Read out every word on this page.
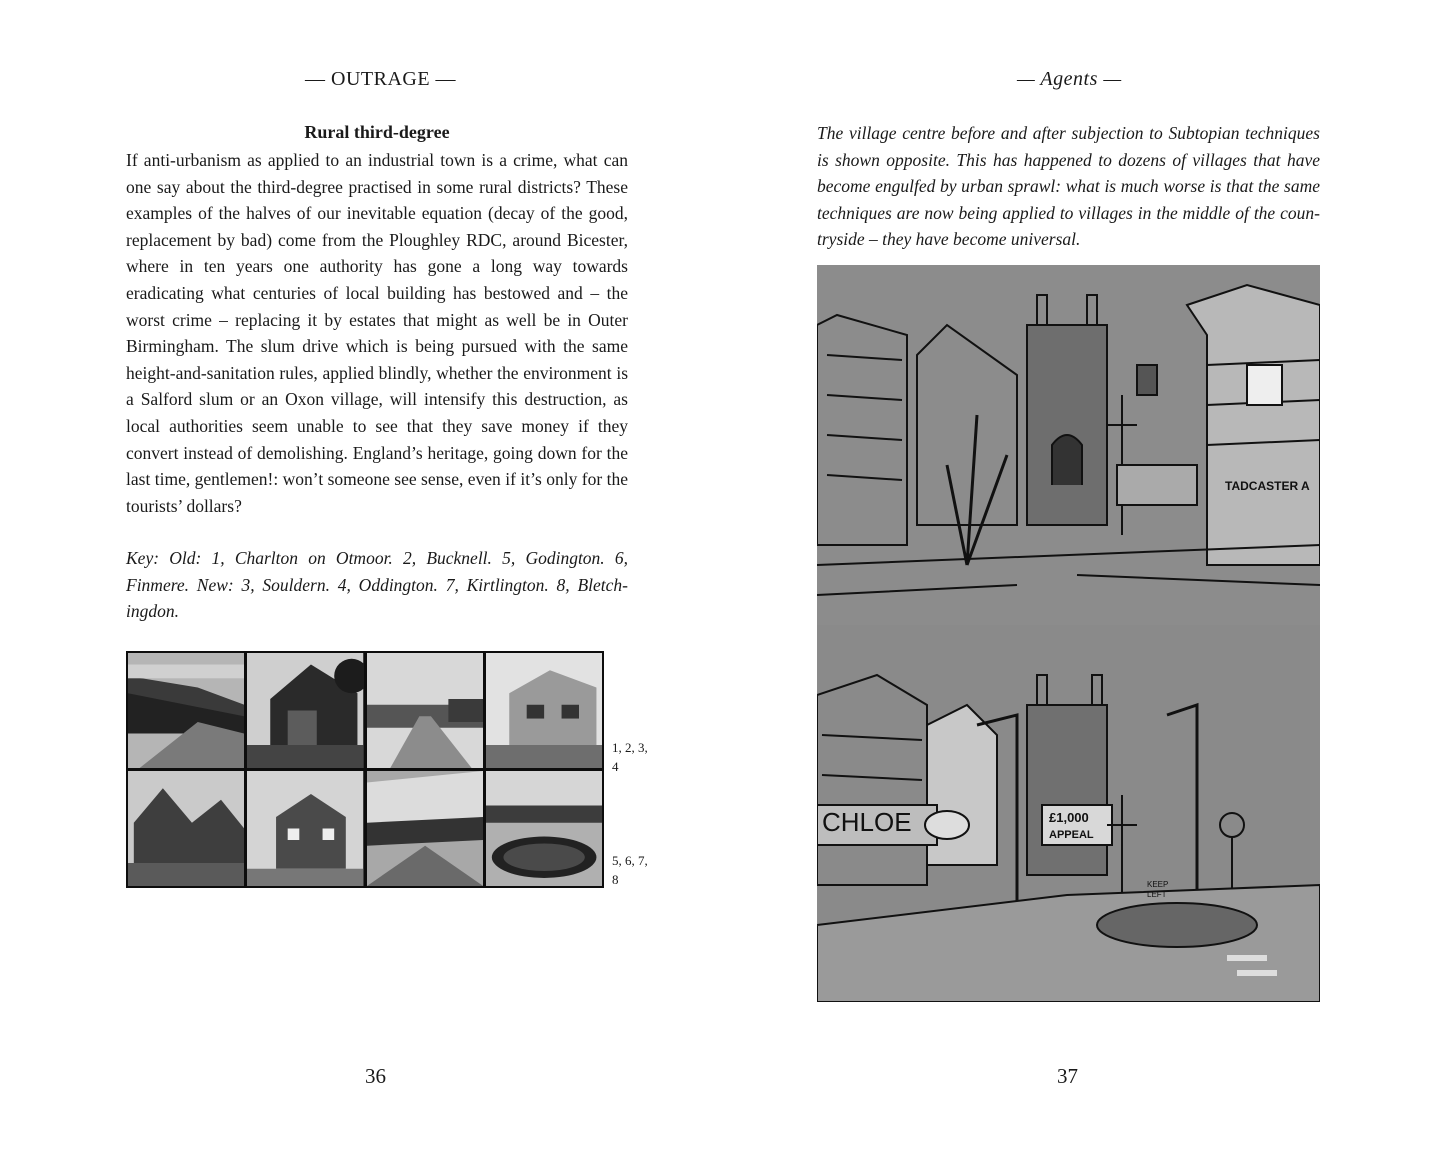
— OUTRAGE —
Rural third-degree
If anti-urbanism as applied to an industrial town is a crime, what can one say about the third-degree practised in some rural districts? These examples of the halves of our inevitable equation (decay of the good, replacement by bad) come from the Ploughley RDC, around Bicester, where in ten years one authority has gone a long way towards eradicating what centuries of local building has bestowed and – the worst crime – replacing it by estates that might as well be in Outer Birmingham. The slum drive which is being pursued with the same height-and-sanitation rules, applied blindly, whether the environment is a Salford slum or an Oxon village, will intensify this destruction, as local authorities seem unable to see that they save money if they convert instead of demolishing. England’s heritage, going down for the last time, gentlemen!: won’t someone see sense, even if it’s only for the tourists’ dollars?
Key: Old: 1, Charlton on Otmoor. 2, Bucknell. 5, Godington. 6, Finmere. New: 3, Souldern. 4, Oddington. 7, Kirtlington. 8, Bletch-ingdon.
1, 2, 3, 4
5, 6, 7, 8
36
— Agents —
The village centre before and after subjection to Subtopian techniques is shown opposite. This has happened to dozens of villages that have become engulfed by urban sprawl: what is much worse is that the same techniques are now being applied to villages in the middle of the coun-tryside – they have become universal.
TADCASTER A
CHLOE	£1,000
APPEAL
KEEP
LEFT
37
